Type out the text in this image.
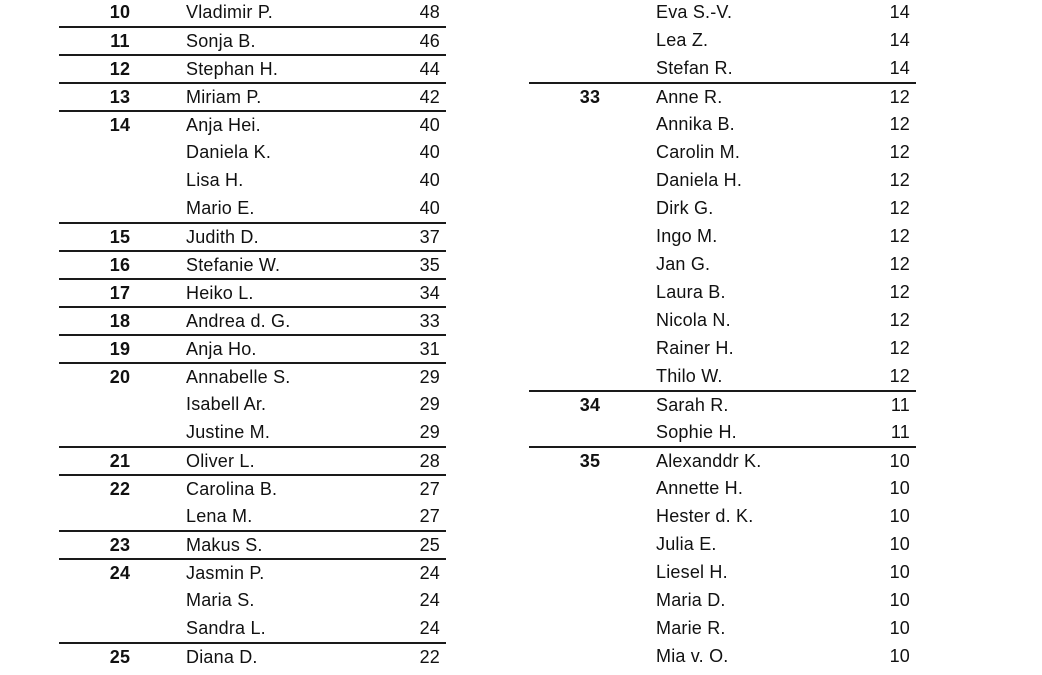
10	Vladimir P.	48
11	Sonja B.	46
12	Stephan H.	44
13	Miriam P.	42
14	Anja Hei.	40
Daniela K.	40
Lisa H.	40
Mario E.	40
15	Judith D.	37
16	Stefanie W.	35
17	Heiko L.	34
18	Andrea d. G.	33
19	Anja Ho.	31
20	Annabelle S.	29
Isabell Ar.	29
Justine M.	29
21	Oliver L.	28
22	Carolina B.	27
Lena M.	27
23	Makus S.	25
24	Jasmin P.	24
Maria S.	24
Sandra L.	24
25	Diana D.	22
Eva S.-V.	14
Lea Z.	14
Stefan R.	14
33	Anne R.	12
Annika B.	12
Carolin M.	12
Daniela H.	12
Dirk G.	12
Ingo M.	12
Jan G.	12
Laura B.	12
Nicola N.	12
Rainer H.	12
Thilo W.	12
34	Sarah R.	11
Sophie H.	11
35	Alexanddr K.	10
Annette H.	10
Hester d. K.	10
Julia E.	10
Liesel H.	10
Maria D.	10
Marie R.	10
Mia v. O.	10
